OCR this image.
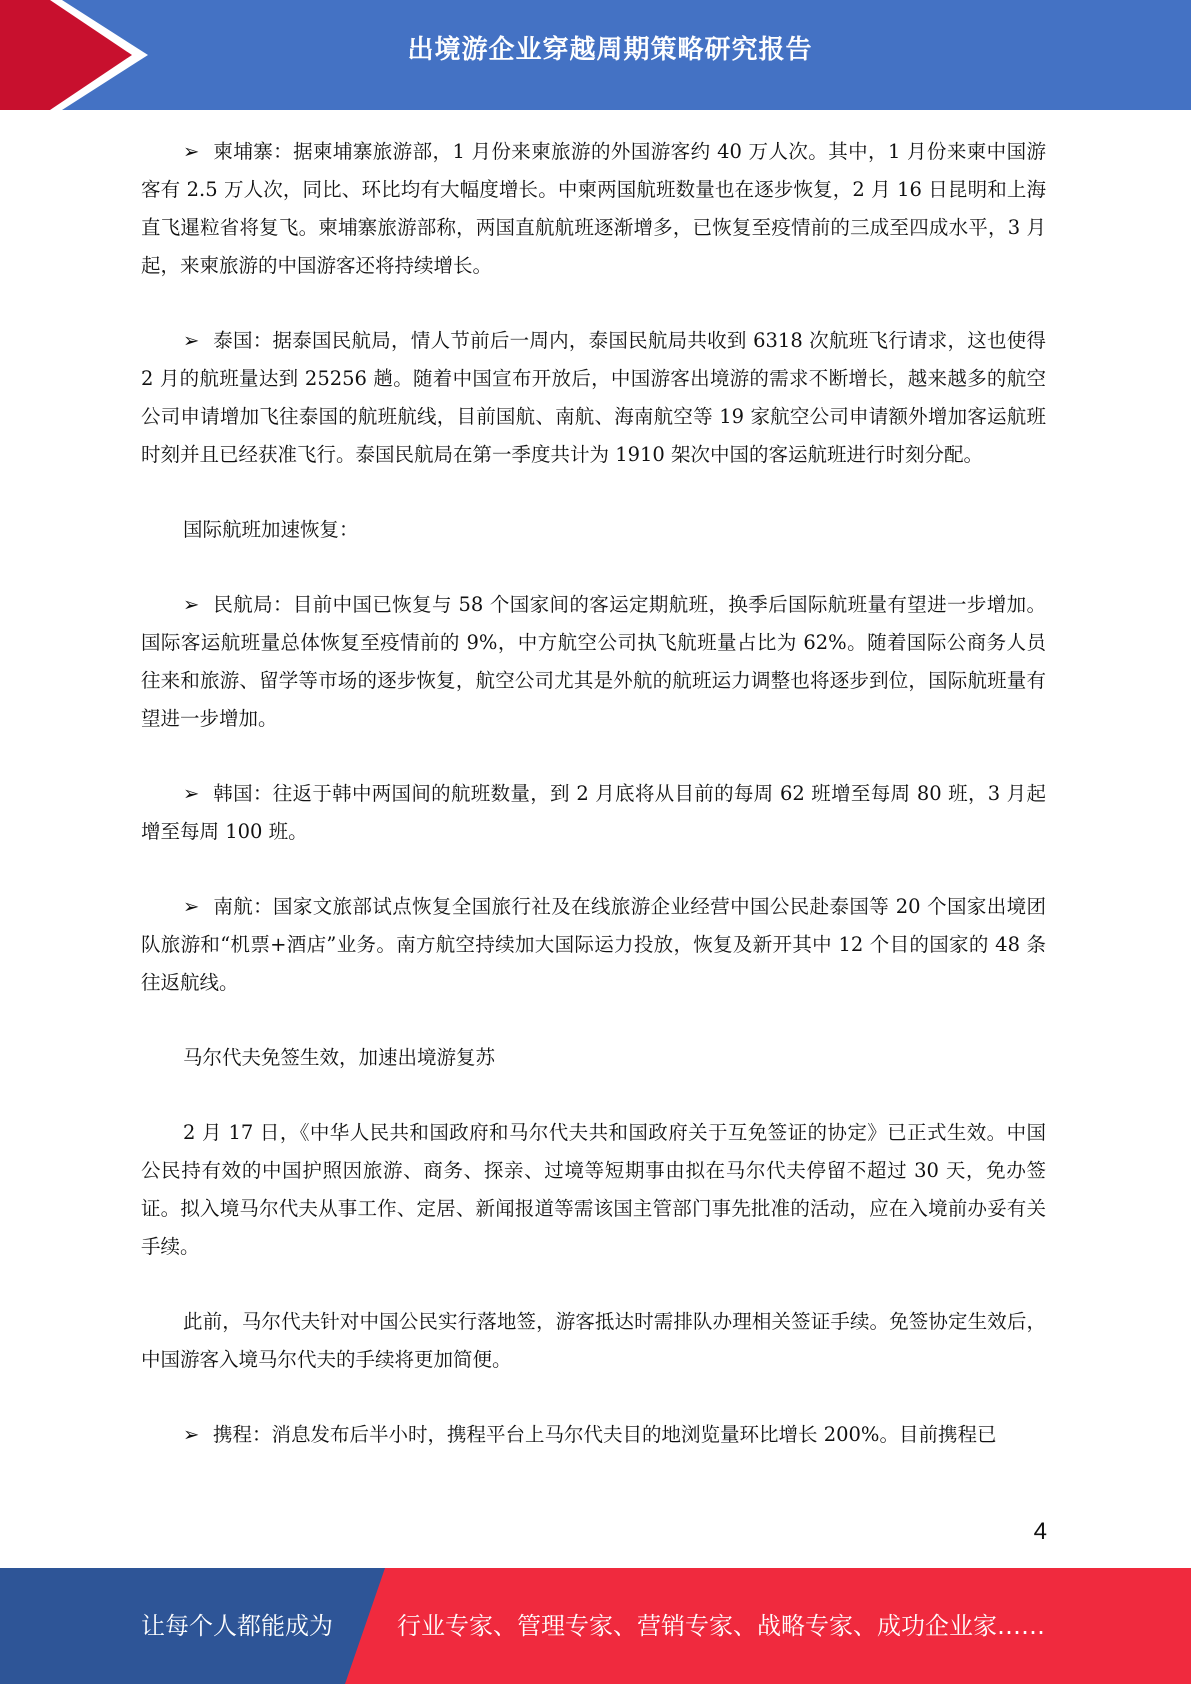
出境游企业穿越周期策略研究报告

➢ 柬埔寨：据柬埔寨旅游部，1 月份来柬旅游的外国游客约 40 万人次。其中，1 月份来柬中国游客有 2.5 万人次，同比、环比均有大幅度增长。中柬两国航班数量也在逐步恢复，2 月 16 日昆明和上海直飞暹粒省将复飞。柬埔寨旅游部称，两国直航航班逐渐增多，已恢复至疫情前的三成至四成水平，3 月起，来柬旅游的中国游客还将持续增长。

➢ 泰国：据泰国民航局，情人节前后一周内，泰国民航局共收到 6318 次航班飞行请求，这也使得 2 月的航班量达到 25256 趟。随着中国宣布开放后，中国游客出境游的需求不断增长，越来越多的航空公司申请增加飞往泰国的航班航线，目前国航、南航、海南航空等 19 家航空公司申请额外增加客运航班时刻并且已经获准飞行。泰国民航局在第一季度共计为 1910 架次中国的客运航班进行时刻分配。

国际航班加速恢复：

➢ 民航局：目前中国已恢复与 58 个国家间的客运定期航班，换季后国际航班量有望进一步增加。国际客运航班量总体恢复至疫情前的 9%，中方航空公司执飞航班量占比为 62%。随着国际公商务人员往来和旅游、留学等市场的逐步恢复，航空公司尤其是外航的航班运力调整也将逐步到位，国际航班量有望进一步增加。

➢ 韩国：往返于韩中两国间的航班数量，到 2 月底将从目前的每周 62 班增至每周 80 班，3 月起增至每周 100 班。

➢ 南航：国家文旅部试点恢复全国旅行社及在线旅游企业经营中国公民赴泰国等 20 个国家出境团队旅游和“机票+酒店”业务。南方航空持续加大国际运力投放，恢复及新开其中 12 个目的国家的 48 条往返航线。

马尔代夫免签生效，加速出境游复苏

2 月 17 日，《中华人民共和国政府和马尔代夫共和国政府关于互免签证的协定》已正式生效。中国公民持有效的中国护照因旅游、商务、探亲、过境等短期事由拟在马尔代夫停留不超过 30 天，免办签证。拟入境马尔代夫从事工作、定居、新闻报道等需该国主管部门事先批准的活动，应在入境前办妥有关手续。

此前，马尔代夫针对中国公民实行落地签，游客抵达时需排队办理相关签证手续。免签协定生效后，中国游客入境马尔代夫的手续将更加简便。

➢ 携程：消息发布后半小时，携程平台上马尔代夫目的地浏览量环比增长 200%。目前携程已

4
让每个人都能成为	行业专家、管理专家、营销专家、战略专家、成功企业家……
